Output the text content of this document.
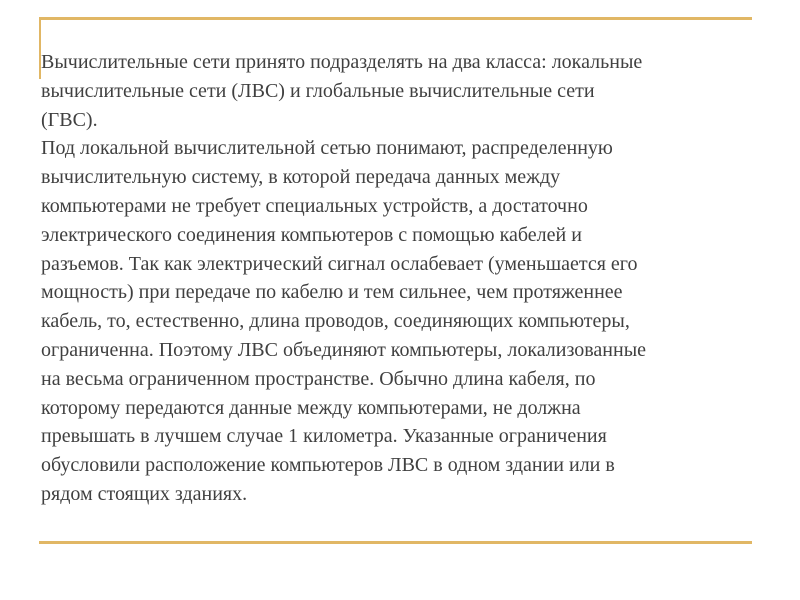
Вычислительные сети принято подразделять на два класса: локальные
вычислительные сети (ЛВС) и глобальные вычислительные сети
(ГВС).

Под локальной вычислительной сетью понимают, распределенную
вычислительную систему, в которой передача данных между
компьютерами не требует специальных устройств, а достаточно
электрического соединения компьютеров с помощью кабелей и
разъемов. Так как электрический сигнал ослабевает (уменьшается его
мощность) при передаче по кабелю и тем сильнее, чем протяженнее
кабель, то, естественно, длина проводов, соединяющих компьютеры,
ограниченна. Поэтому ЛВС объединяют компьютеры, локализованные
на весьма ограниченном пространстве. Обычно длина кабеля, по
которому передаются данные между компьютерами, не должна
превышать в лучшем случае 1 километра. Указанные ограничения
обусловили расположение компьютеров ЛВС в одном здании или в
рядом стоящих зданиях.
